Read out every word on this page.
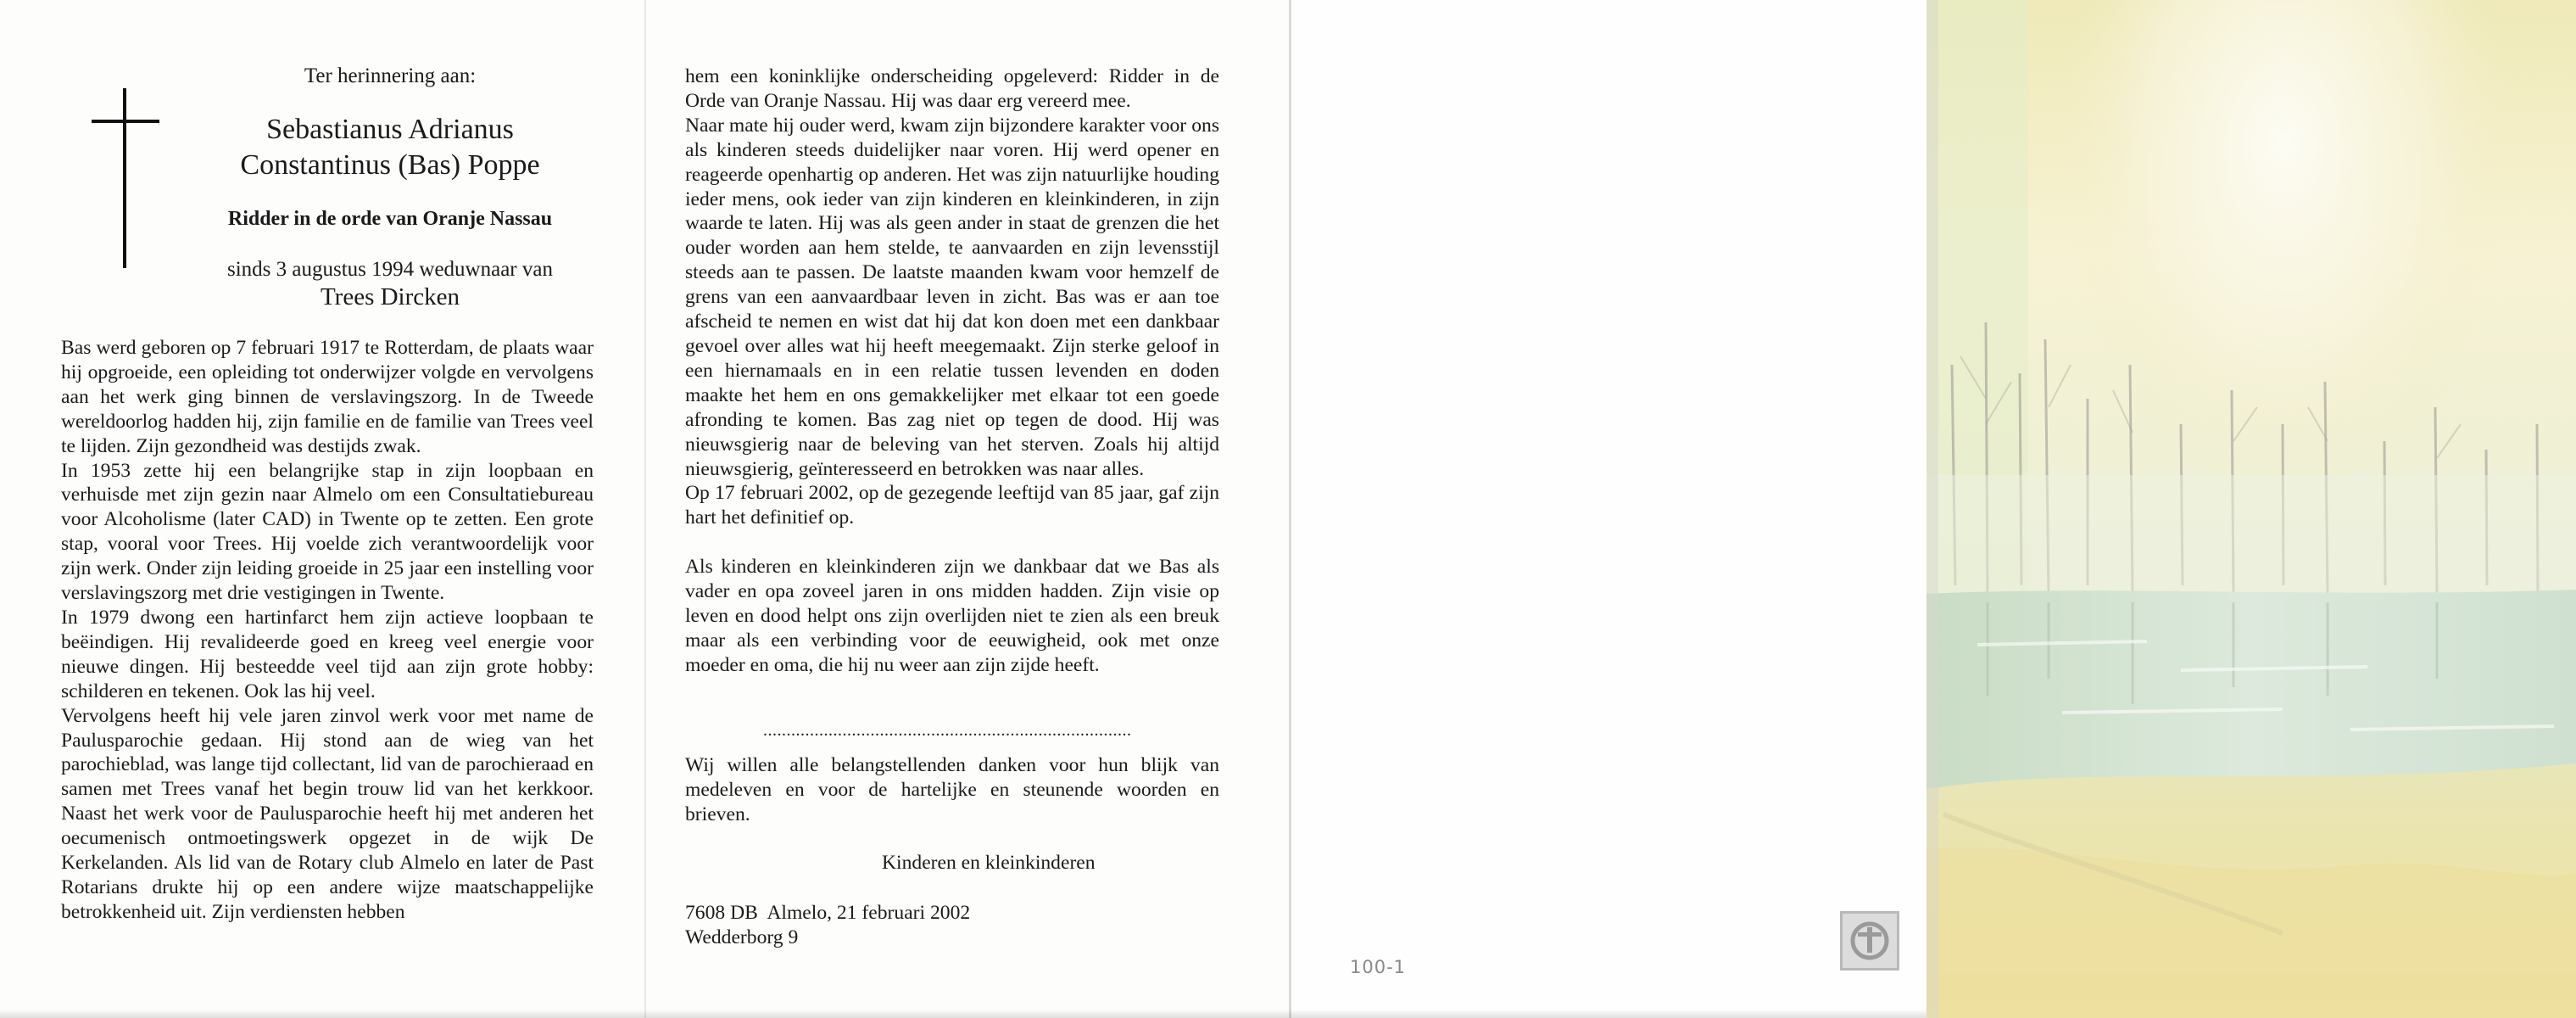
Ter herinnering aan:
Sebastianus Adrianus
Constantinus (Bas) Poppe
Ridder in de orde van Oranje Nassau
sinds 3 augustus 1994 weduwnaar van
Trees Dircken

Bas werd geboren op 7 februari 1917 te Rotterdam, de plaats waar hij opgroeide, een opleiding tot onderwijzer volgde en vervolgens aan het werk ging binnen de verslavingszorg. In de Tweede wereldoorlog hadden hij, zijn familie en de familie van Trees veel te lijden. Zijn gezondheid was destijds zwak.

In 1953 zette hij een belangrijke stap in zijn loopbaan en verhuisde met zijn gezin naar Almelo om een Consultatiebureau voor Alcoholisme (later CAD) in Twente op te zetten. Een grote stap, vooral voor Trees. Hij voelde zich verantwoordelijk voor zijn werk. Onder zijn leiding groeide in 25 jaar een instelling voor verslavingszorg met drie vestigingen in Twente.

In 1979 dwong een hartinfarct hem zijn actieve loopbaan te beëindigen. Hij revalideerde goed en kreeg veel energie voor nieuwe dingen. Hij besteedde veel tijd aan zijn grote hobby: schilderen en tekenen. Ook las hij veel.

Vervolgens heeft hij vele jaren zinvol werk voor met name de Paulusparochie gedaan. Hij stond aan de wieg van het parochieblad, was lange tijd collectant, lid van de parochieraad en samen met Trees vanaf het begin trouw lid van het kerkkoor. Naast het werk voor de Paulusparochie heeft hij met anderen het oecumenisch ontmoetingswerk opgezet in de wijk De Kerkelanden. Als lid van de Rotary club Almelo en later de Past Rotarians drukte hij op een andere wijze maatschappelijke betrokkenheid uit. Zijn verdiensten hebben

hem een koninklijke onderscheiding opgeleverd: Ridder in de Orde van Oranje Nassau. Hij was daar erg vereerd mee.

Naar mate hij ouder werd, kwam zijn bijzondere karakter voor ons als kinderen steeds duidelijker naar voren. Hij werd opener en reageerde openhartig op anderen. Het was zijn natuurlijke houding ieder mens, ook ieder van zijn kinderen en kleinkinderen, in zijn waarde te laten. Hij was als geen ander in staat de grenzen die het ouder worden aan hem stelde, te aanvaarden en zijn levensstijl steeds aan te passen. De laatste maanden kwam voor hemzelf de grens van een aanvaardbaar leven in zicht. Bas was er aan toe afscheid te nemen en wist dat hij dat kon doen met een dankbaar gevoel over alles wat hij heeft meegemaakt. Zijn sterke geloof in een hiernamaals en in een relatie tussen levenden en doden maakte het hem en ons gemakkelijker met elkaar tot een goede afronding te komen. Bas zag niet op tegen de dood. Hij was nieuwsgierig naar de beleving van het sterven. Zoals hij altijd nieuwsgierig, geïnteresseerd en betrokken was naar alles.

Op 17 februari 2002, op de gezegende leeftijd van 85 jaar, gaf zijn hart het definitief op.

Als kinderen en kleinkinderen zijn we dankbaar dat we Bas als vader en opa zoveel jaren in ons midden hadden. Zijn visie op leven en dood helpt ons zijn overlijden niet te zien als een breuk maar als een verbinding voor de eeuwigheid, ook met onze moeder en oma, die hij nu weer aan zijn zijde heeft.

...............................................................................

Wij willen alle belangstellenden danken voor hun blijk van medeleven en voor de hartelijke en steunende woorden en brieven.

Kinderen en kleinkinderen
7608 DB  Almelo, 21 februari 2002
Wedderborg 9
100-1
